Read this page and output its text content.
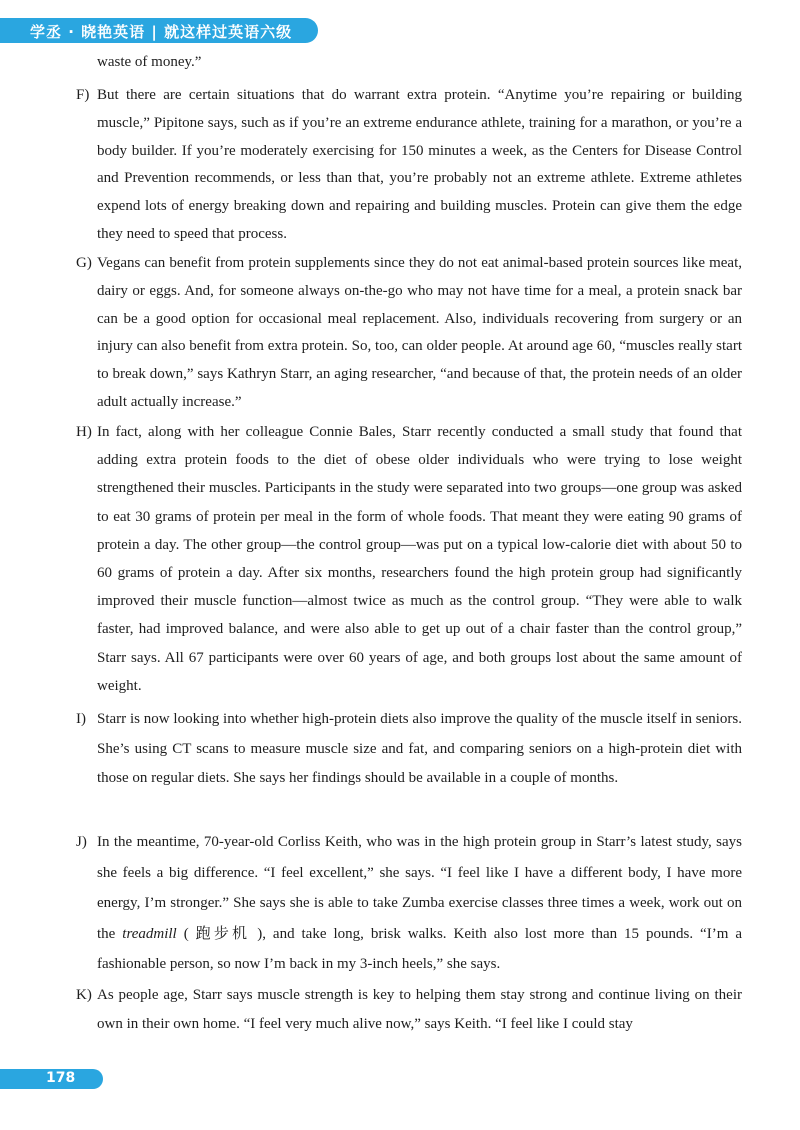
学丞 · 晓艳英语 | 就这样过英语六级
waste of money.”
F) But there are certain situations that do warrant extra protein. “Anytime you’re repairing or building muscle,” Pipitone says, such as if you’re an extreme endurance athlete, training for a marathon, or you’re a body builder. If you’re moderately exercising for 150 minutes a week, as the Centers for Disease Control and Prevention recommends, or less than that, you’re probably not an extreme athlete. Extreme athletes expend lots of energy breaking down and repairing and building muscles. Protein can give them the edge they need to speed that process.
G) Vegans can benefit from protein supplements since they do not eat animal-based protein sources like meat, dairy or eggs. And, for someone always on-the-go who may not have time for a meal, a protein snack bar can be a good option for occasional meal replacement. Also, individuals recovering from surgery or an injury can also benefit from extra protein. So, too, can older people. At around age 60, “muscles really start to break down,” says Kathryn Starr, an aging researcher, “and because of that, the protein needs of an older adult actually increase.”
H) In fact, along with her colleague Connie Bales, Starr recently conducted a small study that found that adding extra protein foods to the diet of obese older individuals who were trying to lose weight strengthened their muscles. Participants in the study were separated into two groups—one group was asked to eat 30 grams of protein per meal in the form of whole foods. That meant they were eating 90 grams of protein a day. The other group—the control group—was put on a typical low-calorie diet with about 50 to 60 grams of protein a day. After six months, researchers found the high protein group had significantly improved their muscle function—almost twice as much as the control group. “They were able to walk faster, had improved balance, and were also able to get up out of a chair faster than the control group,” Starr says. All 67 participants were over 60 years of age, and both groups lost about the same amount of weight.
I) Starr is now looking into whether high-protein diets also improve the quality of the muscle itself in seniors. She’s using CT scans to measure muscle size and fat, and comparing seniors on a high-protein diet with those on regular diets. She says her findings should be available in a couple of months.
J) In the meantime, 70-year-old Corliss Keith, who was in the high protein group in Starr’s latest study, says she feels a big difference. “I feel excellent,” she says. “I feel like I have a different body, I have more energy, I’m stronger.” She says she is able to take Zumba exercise classes three times a week, work out on the treadmill ( 跑步机 ), and take long, brisk walks. Keith also lost more than 15 pounds. “I’m a fashionable person, so now I’m back in my 3-inch heels,” she says.
K) As people age, Starr says muscle strength is key to helping them stay strong and continue living on their own in their own home. “I feel very much alive now,” says Keith. “I feel like I could stay
178
